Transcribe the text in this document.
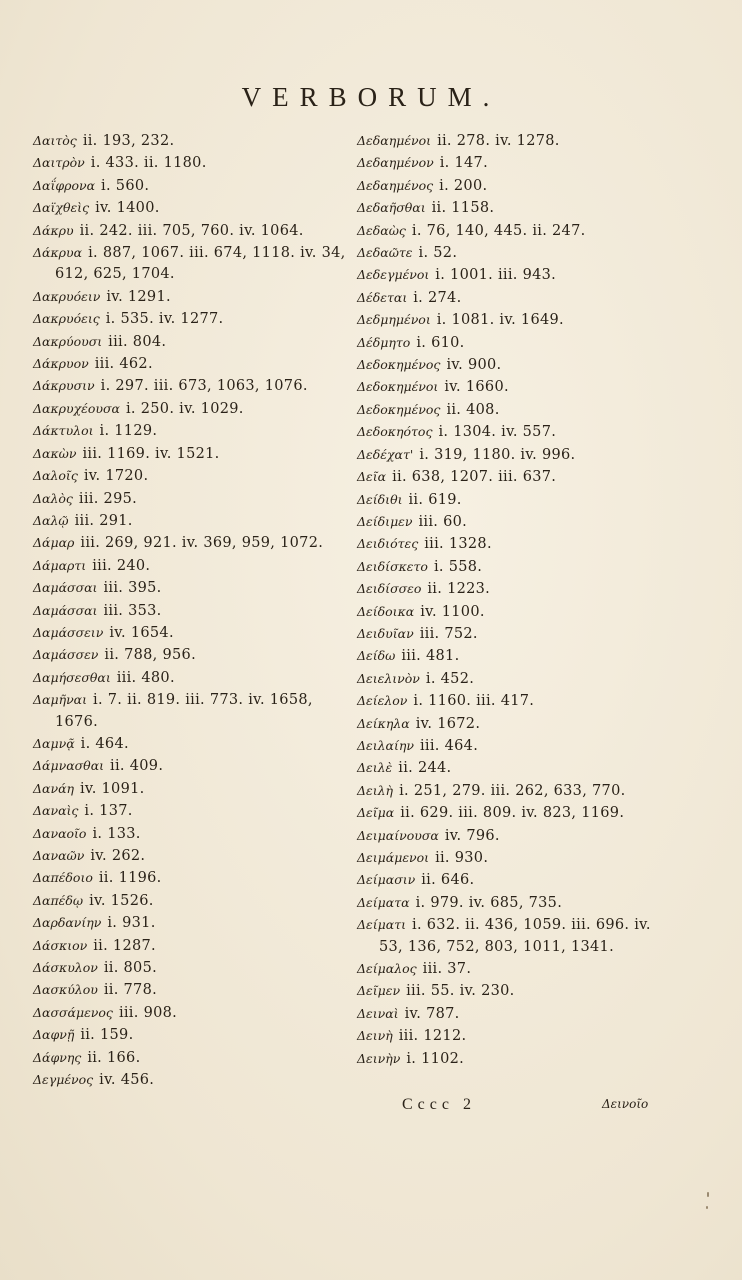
VERBORUM.
Δαιτὸς ii. 193, 232.
Δαιτρὸν i. 433. ii. 1180.
Δαΐφρονα i. 560.
Δαϊχθεὶς iv. 1400.
Δάκρυ ii. 242. iii. 705, 760. iv. 1064.
Δάκρυα i. 887, 1067. iii. 674, 1118. iv. 34, 612, 625, 1704.
Δακρυόειν iv. 1291.
Δακρυόεις i. 535. iv. 1277.
Δακρύουσι iii. 804.
Δάκρυον iii. 462.
Δάκρυσιν i. 297. iii. 673, 1063, 1076.
Δακρυχέουσα i. 250. iv. 1029.
Δάκτυλοι i. 1129.
Δακὼν iii. 1169. iv. 1521.
Δαλοῖς iv. 1720.
Δαλὸς iii. 295.
Δαλῷ iii. 291.
Δάμαρ iii. 269, 921. iv. 369, 959, 1072.
Δάμαρτι iii. 240.
Δαμάσσαι iii. 395.
Δαμάσσαι iii. 353.
Δαμάσσειν iv. 1654.
Δαμάσσεν ii. 788, 956.
Δαμήσεσθαι iii. 480.
Δαμῆναι i. 7. ii. 819. iii. 773. iv. 1658, 1676.
Δαμνᾷ i. 464.
Δάμνασθαι ii. 409.
Δανάη iv. 1091.
Δαναὶς i. 137.
Δαναοῖο i. 133.
Δαναῶν iv. 262.
Δαπέδοιο ii. 1196.
Δαπέδῳ iv. 1526.
Δαρδανίην i. 931.
Δάσκιον ii. 1287.
Δάσκυλον ii. 805.
Δασκύλου ii. 778.
Δασσάμενος iii. 908.
Δαφνῇ ii. 159.
Δάφνης ii. 166.
Δεγμένος iv. 456.
Δεδαημένοι ii. 278. iv. 1278.
Δεδαημένον i. 147.
Δεδαημένος i. 200.
Δεδαῆσθαι ii. 1158.
Δεδαὼς i. 76, 140, 445. ii. 247.
Δεδαῶτε i. 52.
Δεδεγμένοι i. 1001. iii. 943.
Δέδεται i. 274.
Δεδμημένοι i. 1081. iv. 1649.
Δέδμητο i. 610.
Δεδοκημένος iv. 900.
Δεδοκημένοι iv. 1660.
Δεδοκημένος ii. 408.
Δεδοκηότος i. 1304. iv. 557.
Δεδέχατ' i. 319, 1180. iv. 996.
Δεῖα ii. 638, 1207. iii. 637.
Δείδιθι ii. 619.
Δείδιμεν iii. 60.
Δειδιότες iii. 1328.
Δειδίσκετο i. 558.
Δειδίσσεο ii. 1223.
Δείδοικα iv. 1100.
Δειδυῖαν iii. 752.
Δείδω iii. 481.
Δειελινὸν i. 452.
Δείελον i. 1160. iii. 417.
Δείκηλα iv. 1672.
Δειλαίην iii. 464.
Δειλὲ ii. 244.
Δειλὴ i. 251, 279. iii. 262, 633, 770.
Δεῖμα ii. 629. iii. 809. iv. 823, 1169.
Δειμαίνουσα iv. 796.
Δειμάμενοι ii. 930.
Δείμασιν ii. 646.
Δείματα i. 979. iv. 685, 735.
Δείματι i. 632. ii. 436, 1059. iii. 696. iv. 53, 136, 752, 803, 1011, 1341.
Δείμαλος iii. 37.
Δεῖμεν iii. 55. iv. 230.
Δειναὶ iv. 787.
Δεινὴ iii. 1212.
Δεινὴν i. 1102.
Cccc 2	Δεινοῖο
